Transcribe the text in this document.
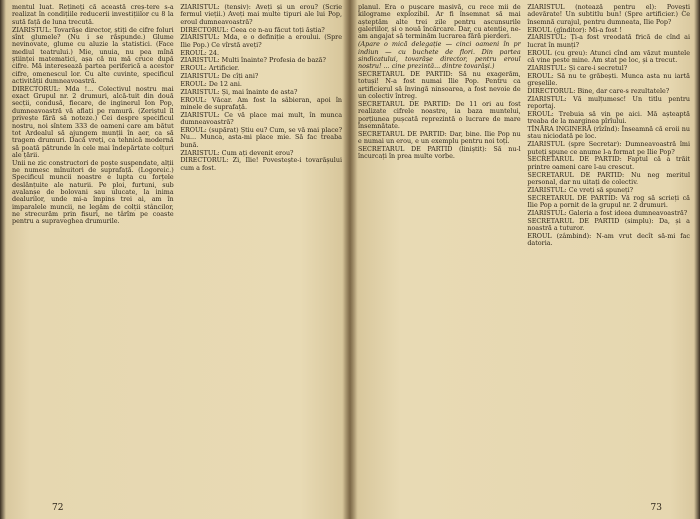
mentul luat. Rețineți că această creș-tere s-a realizat în condițiile reducerii investițiilor cu 8 la sută față de luna trecută.

ZIARISTUL: Tovarășe director, știți de cifre foluri sînt glumele? (Nu i se răspunde.) Glume nevinovate, glume cu aluzie la statistici. (Face mediul teatrului.) Mie, unuia, nu pea mînă științei matematici, așa că nu mă cruce după cifre. Mă interesează partea periferică a acestor cifre, omenescul lor. Cu alte cuvinte, specificul activității dumneavoastră.

DIRECTORUL: Mda !... Colectivul nostru mai exact Grupul nr. 2 drumuri, alcă-tuit din două secții, condusă, fiecare, de inginerul Ion Pop, dumneavoastră vă aflați pe ramură. (Zeriștul îl privește fără să noteze.) Cei despre specificul nostru, noi sîntem 333 de oameni care am bătut tot Ardealul să ajungem munții în aer, ca să tragem drumuri. Dacă vreți, ca tehnică modernă să poată pătrunde în cele mai îndepărtate colțuri ale țării.

Unii ne zic constructori de poște suspendate, alții ne numesc mînuitori de suprafață. (Logoreic.) Specificul muncii noastre e lupta cu forțele deslănțuite ale naturii. Pe ploi, furtuni, sub avalanșe de bolovani sau ulucate, la inima dealurilor, unde mi-a împins trei ai, am în imparalele muncii, ne legăm de colții stâncilor, ne strecurăm prin fisuri, ne târîm pe coaste pentru a supraveghea drumurile.

ZIARISTUL: (tensiv): Aveți și un erou? (Scrie fermul vieții.) Aveți mai multe tipuri ale lui Pop, eroul dumneavoastră?

DIRECTORUL: Ceea ce n-au făcut toți ăștia?

ZIARISTUL: Mda, e o definiție a eroului. (Spre Ilie Pop.) Ce vîrstă aveți?

EROUL: 24.

ZIARISTUL: Multi înainte? Profesia de bază?

EROUL: Artificier.

ZIARISTUL: De cîți ani?

EROUL: De 12 ani.

ZIARISTUL: Și, mai înainte de asta?

EROUL: Văcar. Am fost la sâbieran, apoi în minele de suprafață.

ZIARISTUL: Ce vă place mai mult, în munca dumneavoastră?

EROUL: (supărat) Știu eu? Cum, se vă mai place? Nu... Munca, asta-mi place mie. Să fac treaba bună.

ZIARISTUL: Cum ați devenit erou?

DIRECTORUL: Zi, Ilie! Povestește-i tovarășului cum a fost.

72

planul. Era o pușcare masivă, cu rece mii de kilograme explozibil. Ar fi însemnat să mai așteptăm alte trei zile pentru ascunsurile galeriilor, și o nouă încărcare. Dar, cu atenție, ne-am angajat să terminăm lucrarea fără pierderi.

(Apare o micã delegație — cinci oameni în pr indiun — cu buchete de flori. Din partea sindicatului, tovarășe director, pentru eroul nostru! ... cine prezintă... dintre tovarăși.)

SECRETARUL DE PARTID: Să nu exagerăm, totuși! N-a fost numai Ilie Pop. Pentru ca artificierul să învingă ninsoarea, a fost nevoie de un colectiv întreg.

SECRETARUL DE PARTID: De 11 ori au fost realizate cifrele noastre, ia baza muntelui, porțiunea pușcată reprezintă o lucrare de mare însemnătate.

SECRETARUL DE PARTID: Dar, bine. Ilie Pop nu e numai un erou, e un exemplu pentru noi toți.

SECRETARUL DE PARTID (liniștit): Să nu-l încurcați în prea multe vorbe.

ZIARISTUL (notează pentru el): Povești adevărate! Un subtitlu bun! (Spre artificier.) Ce însemnă curajul, pentru dumneata, Ilie Pop?

EROUL (gînditor): Mi-a fost !

ZIARISTUL: Ți-a fost vreodată frică de cînd ai lucrat în munți?

EROUL (cu greu): Atunci cînd am văzut muntele că vine peste mine. Am stat pe loc, și a trecut.

ZIARISTUL: Și care-i secretul?

EROUL: Să nu te grăbești. Munca asta nu iartă greșelile.

DIRECTORUL: Bine, dar care-s rezultatele?

ZIARISTUL: Vă mulțumesc! Un titlu pentru reportaj.

EROUL: Trebuia să vin pe aici. Mă așteaptă treaba de la marginea pîrîului.

TÎNĂRA INGINERĂ (rîzînd): Înseamnă că eroii nu stau niciodată pe loc.

ZIARISTUL (spre Secretar): Dumneavoastră îmi puteți spune ce anume l-a format pe Ilie Pop?

SECRETARUL DE PARTID: Faptul că a trăit printre oameni care l-au crescut.

SECRETARUL DE PARTID: Nu neg meritul personal, dar nu uitați de colectiv.

ZIARISTUL: Ce vreți să spuneți?

SECRETARUL DE PARTID: Vă rog să scrieți că Ilie Pop a pornit de la grupul nr. 2 drumuri.

ZIARISTUL: Galeria a fost ideea dumneavoastră?

SECRETARUL DE PARTID (simplu): Da, și a noastră a tuturor.

EROUL (zâmbind): N-am vrut decît să-mi fac datoria.

73
